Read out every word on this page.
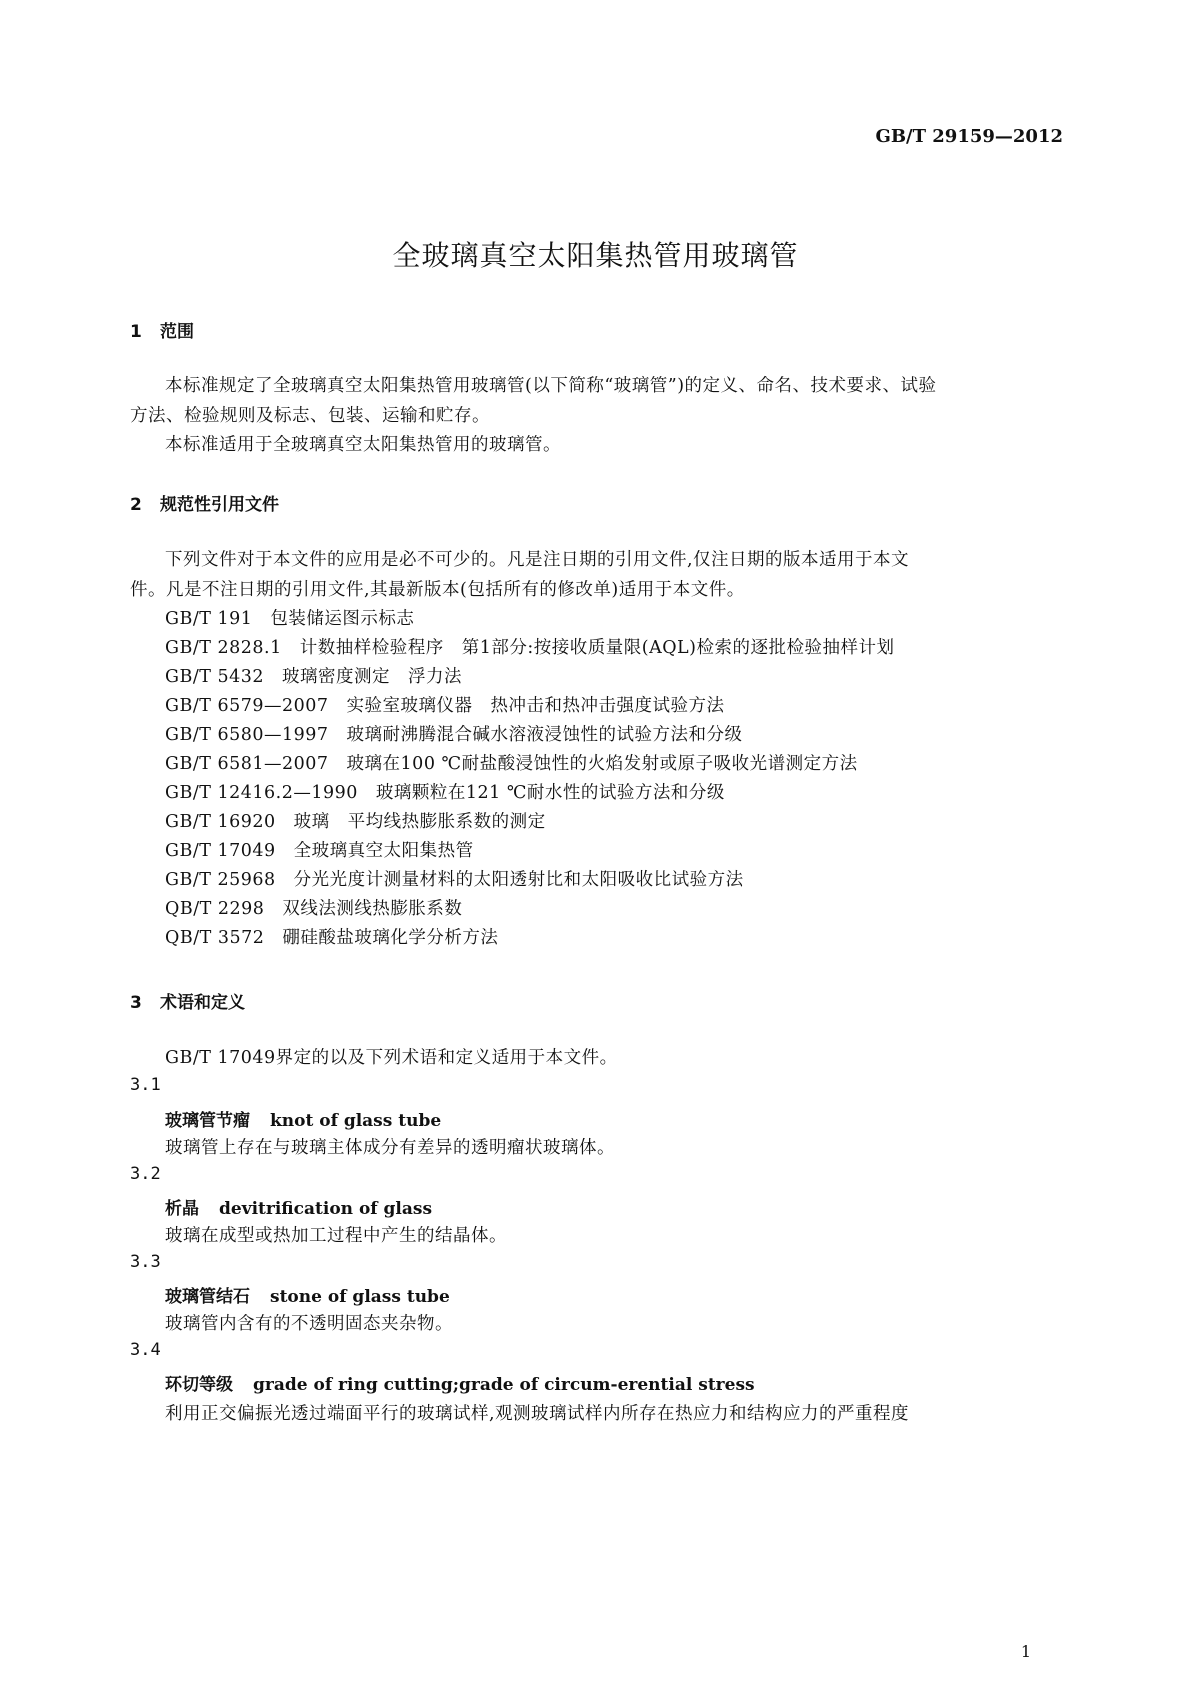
GB/T 29159—2012
全玻璃真空太阳集热管用玻璃管
1 范围
本标准规定了全玻璃真空太阳集热管用玻璃管(以下简称“玻璃管”)的定义、命名、技术要求、试验
方法、检验规则及标志、包装、运输和贮存。
本标准适用于全玻璃真空太阳集热管用的玻璃管。
2 规范性引用文件
下列文件对于本文件的应用是必不可少的。凡是注日期的引用文件,仅注日期的版本适用于本文
件。凡是不注日期的引用文件,其最新版本(包括所有的修改单)适用于本文件。
GB/T 191 包装储运图示标志
GB/T 2828.1 计数抽样检验程序　第1部分:按接收质量限(AQL)检索的逐批检验抽样计划
GB/T 5432 玻璃密度测定　浮力法
GB/T 6579—2007 实验室玻璃仪器　热冲击和热冲击强度试验方法
GB/T 6580—1997 玻璃耐沸腾混合碱水溶液浸蚀性的试验方法和分级
GB/T 6581—2007 玻璃在100 ℃耐盐酸浸蚀性的火焰发射或原子吸收光谱测定方法
GB/T 12416.2—1990 玻璃颗粒在121 ℃耐水性的试验方法和分级
GB/T 16920 玻璃　平均线热膨胀系数的测定
GB/T 17049 全玻璃真空太阳集热管
GB/T 25968 分光光度计测量材料的太阳透射比和太阳吸收比试验方法
QB/T 2298 双线法测线热膨胀系数
QB/T 3572 硼硅酸盐玻璃化学分析方法
3 术语和定义
GB/T 17049界定的以及下列术语和定义适用于本文件。
3.1
玻璃管节瘤 knot of glass tube
玻璃管上存在与玻璃主体成分有差异的透明瘤状玻璃体。
3.2
析晶 devitrification of glass
玻璃在成型或热加工过程中产生的结晶体。
3.3
玻璃管结石 stone of glass tube
玻璃管内含有的不透明固态夹杂物。
3.4
环切等级 grade of ring cutting;grade of circum-erential stress
利用正交偏振光透过端面平行的玻璃试样,观测玻璃试样内所存在热应力和结构应力的严重程度
1
